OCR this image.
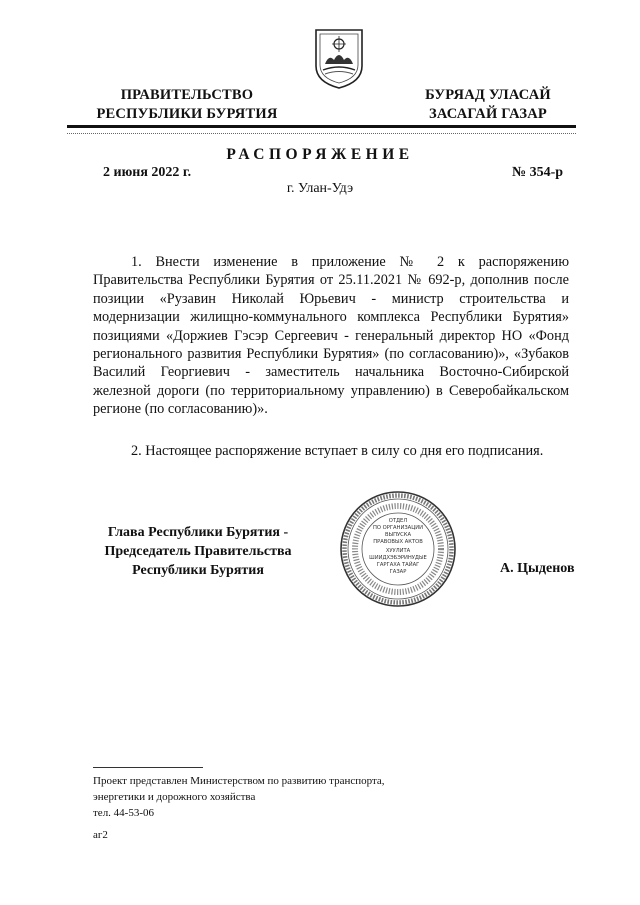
ПРАВИТЕЛЬСТВО
РЕСПУБЛИКИ БУРЯТИЯ
БУРЯАД УЛАСАЙ
ЗАСАГАЙ ГАЗАР
РАСПОРЯЖЕНИЕ
2 июня 2022 г.	№ 354-р
г. Улан-Удэ
1. Внести изменение в приложение № 2 к распоряжению Правительства Республики Бурятия от 25.11.2021 № 692-р, дополнив после позиции «Рузавин Николай Юрьевич - министр строительства и модернизации жилищно-коммунального комплекса Республики Бурятия» позициями «Доржиев Гэсэр Сергеевич - генеральный директор НО «Фонд регионального развития Республики Бурятия» (по согласованию)», «Зубаков Василий Георгиевич - заместитель начальника Восточно-Сибирской железной дороги (по территориальному управлению) в Северобайкальском регионе (по согласованию)».
2. Настоящее распоряжение вступает в силу со дня его подписания.
Глава Республики Бурятия -
Председатель Правительства
Республики Бурятия
ОТДЕЛ
ПО ОРГАНИЗАЦИИ
ВЫПУСКА
ПРАВОВЫХ АКТОВ
ХУУЛИТА
ШИИДХЭБЭРИНУДЫЕ
ГАРГАХА ТАЙАГ
ГАЗАР	А. Цыденов
Проект представлен Министерством по развитию транспорта,
энергетики и дорожного хозяйства
тел. 44-53-06
аг2
